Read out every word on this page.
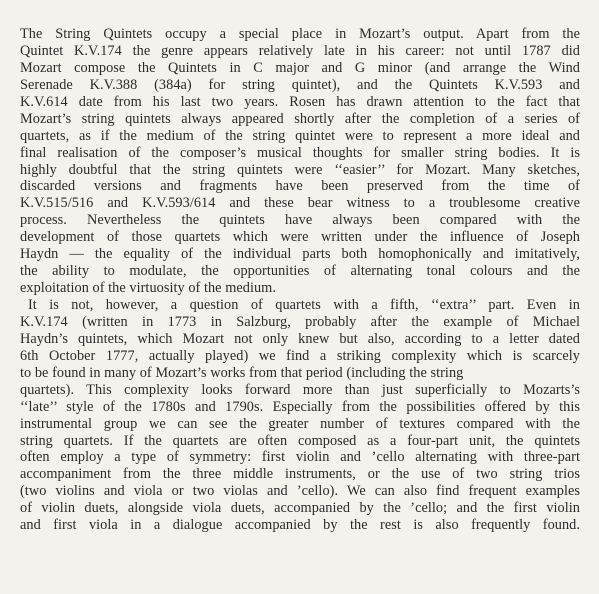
The String Quintets occupy a special place in Mozart’s output. Apart from the
Quintet K.V.174 the genre appears relatively late in his career: not until 1787 did
Mozart compose the Quintets in C major and G minor (and arrange the Wind
Serenade K.V.388 (384a) for string quintet), and the Quintets K.V.593 and
K.V.614 date from his last two years. Rosen has drawn attention to the fact that
Mozart’s string quintets always appeared shortly after the completion of a series of
quartets, as if the medium of the string quintet were to represent a more ideal and
final realisation of the composer’s musical thoughts for smaller string bodies. It is
highly doubtful that the string quintets were ‘‘easier’’ for Mozart. Many sketches,
discarded versions and fragments have been preserved from the time of
K.V.515/516 and K.V.593/614 and these bear witness to a troublesome creative
process. Nevertheless the quintets have always been compared with the
development of those quartets which were written under the influence of Joseph
Haydn — the equality of the individual parts both homophonically and imitatively,
the ability to modulate, the opportunities of alternating tonal colours and the
exploitation of the virtuosity of the medium.
It is not, however, a question of quartets with a fifth, ‘‘extra’’ part. Even in
K.V.174 (written in 1773 in Salzburg, probably after the example of Michael
Haydn’s quintets, which Mozart not only knew but also, according to a letter dated
6th October 1777, actually played) we find a striking complexity which is scarcely
to be found in many of Mozart’s works from that period (including the string
quartets). This complexity looks forward more than just superficially to Mozarts’s
‘‘late’’ style of the 1780s and 1790s. Especially from the possibilities offered by this
instrumental group we can see the greater number of textures compared with the
string quartets. If the quartets are often composed as a four-part unit, the quintets
often employ a type of symmetry: first violin and ’cello alternating with three-part
accompaniment from the three middle instruments, or the use of two string trios
(two violins and viola or two violas and ’cello). We can also find frequent examples
of violin duets, alongside viola duets, accompanied by the ’cello; and the first violin
and first viola in a dialogue accompanied by the rest is also frequently found.
